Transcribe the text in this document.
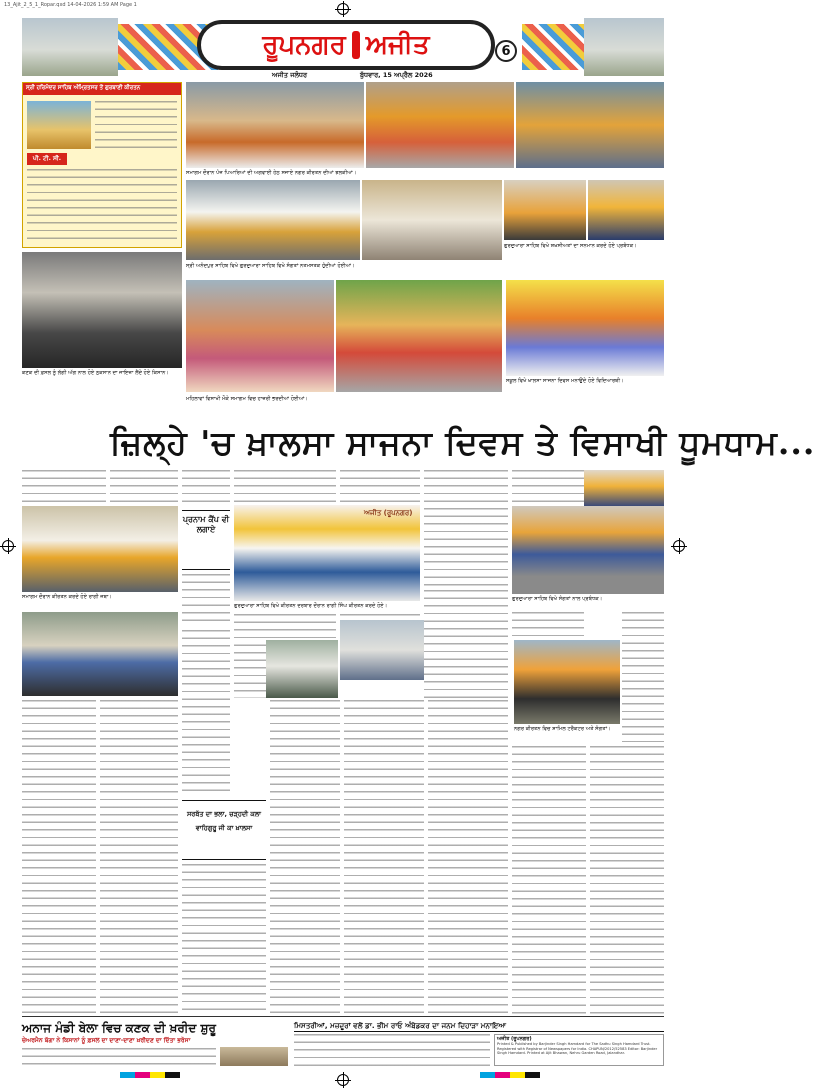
13_Ajit_2_5_1_Ropar.qxd 14-04-2026 1:59 AM Page 1
ਰੂਪਨਗਰ ਅਜੀਤ	6
ਅਜੀਤ ਜਲੰਧਰ	ਬੁੱਧਵਾਰ, 15 ਅਪ੍ਰੈਲ 2026
ਸ੍ਰੀ ਹਰਿਮੰਦਰ ਸਾਹਿਬ ਅੰਮ੍ਰਿਤਸਰ ਤੋਂ ਗੁਰਬਾਣੀ ਕੀਰਤਨ
ਪੀ. ਟੀ. ਸੀ.
ਸਮਾਗਮ ਦੌਰਾਨ ਪੰਜ ਪਿਆਰਿਆਂ ਦੀ ਅਗਵਾਈ ਹੇਠ ਸਜਾਏ ਨਗਰ ਕੀਰਤਨ ਦੀਆਂ ਝਲਕੀਆਂ।
ਗੁਰਦੁਆਰਾ ਸਾਹਿਬ ਵਿਖੇ ਸ਼ਖ਼ਸੀਅਤਾਂ ਦਾ ਸਨਮਾਨ ਕਰਦੇ ਹੋਏ ਪ੍ਰਬੰਧਕ।
ਸ੍ਰੀ ਅਨੰਦਪੁਰ ਸਾਹਿਬ ਵਿਖੇ ਗੁਰਦੁਆਰਾ ਸਾਹਿਬ ਵਿਖੇ ਸੰਗਤਾਂ ਨਤਮਸਤਕ ਹੁੰਦੀਆਂ ਹੋਈਆਂ।
ਕਣਕ ਦੀ ਫ਼ਸਲ ਨੂੰ ਲੱਗੀ ਅੱਗ ਨਾਲ ਹੋਏ ਨੁਕਸਾਨ ਦਾ ਜਾਇਜ਼ਾ ਲੈਂਦੇ ਹੋਏ ਕਿਸਾਨ।
ਮਹਿਲਾਵਾਂ ਵਿਸਾਖੀ ਮੌਕੇ ਸਮਾਗਮ ਵਿਚ ਹਾਜ਼ਰੀ ਭਰਦੀਆਂ ਹੋਈਆਂ।
ਸਕੂਲ ਵਿਖੇ ਖ਼ਾਲਸਾ ਸਾਜਨਾ ਦਿਵਸ ਮਨਾਉਂਦੇ ਹੋਏ ਵਿਦਿਆਰਥੀ।
ਜ਼ਿਲ੍ਹੇ 'ਚ ਖ਼ਾਲਸਾ ਸਾਜਨਾ ਦਿਵਸ ਤੇ ਵਿਸਾਖੀ ਧੂਮਧਾਮ...
ਸਮਾਗਮ ਦੌਰਾਨ ਕੀਰਤਨ ਕਰਦੇ ਹੋਏ ਰਾਗੀ ਜਥਾ।
ਪ੍ਰਨਾਮ ਕੈਂਪ ਵੀ ਲਗਾਏ
ਅਜੀਤ (ਰੂਪਨਗਰ)
ਗੁਰਦੁਆਰਾ ਸਾਹਿਬ ਵਿਖੇ ਕੀਰਤਨ ਦਰਬਾਰ ਦੌਰਾਨ ਰਾਗੀ ਸਿੰਘ ਕੀਰਤਨ ਕਰਦੇ ਹੋਏ।
ਗੁਰਦੁਆਰਾ ਸਾਹਿਬ ਵਿਖੇ ਸੰਗਤਾਂ ਨਾਲ ਪ੍ਰਬੰਧਕ।
ਨਗਰ ਕੀਰਤਨ ਵਿਚ ਸ਼ਾਮਿਲ ਟਰੈਕਟਰ ਅਤੇ ਸੰਗਤਾਂ।
ਸਰਬੱਤ ਦਾ ਭਲਾ, ਚੜ੍ਹਦੀ ਕਲਾ
ਵਾਹਿਗੁਰੂ ਜੀ ਕਾ ਖ਼ਾਲਸਾ
ਅਨਾਜ ਮੰਡੀ ਬੇਲਾ ਵਿਚ ਕਣਕ ਦੀ ਖ਼ਰੀਦ ਸ਼ੁਰੂ
ਚੇਅਰਮੈਨ ਬੱਗਾ ਨੇ ਕਿਸਾਨਾਂ ਨੂੰ ਫ਼ਸਲ ਦਾ ਦਾਣਾ-ਦਾਣਾ ਖ਼ਰੀਦਣ ਦਾ ਦਿੱਤਾ ਭਰੋਸਾ
ਮਿਸਤਰੀਆਂ, ਮਜ਼ਦੂਰਾਂ ਵਲੋਂ ਡਾ. ਭੀਮ ਰਾਓ ਅੰਬੇਡਕਰ ਦਾ ਜਨਮ ਦਿਹਾੜਾ ਮਨਾਇਆ
ਅਜੀਤ (ਰੂਪਨਗਰ)
Printed & Published by Barjinder Singh Hamdard for The Sadhu Singh Hamdard Trust. Registered with Registrar of Newspapers for India. CHAPUN/2012/52583 Editor: Barjinder Singh Hamdard. Printed at Ajit Bhawan, Nehru Garden Road, Jalandhar.
